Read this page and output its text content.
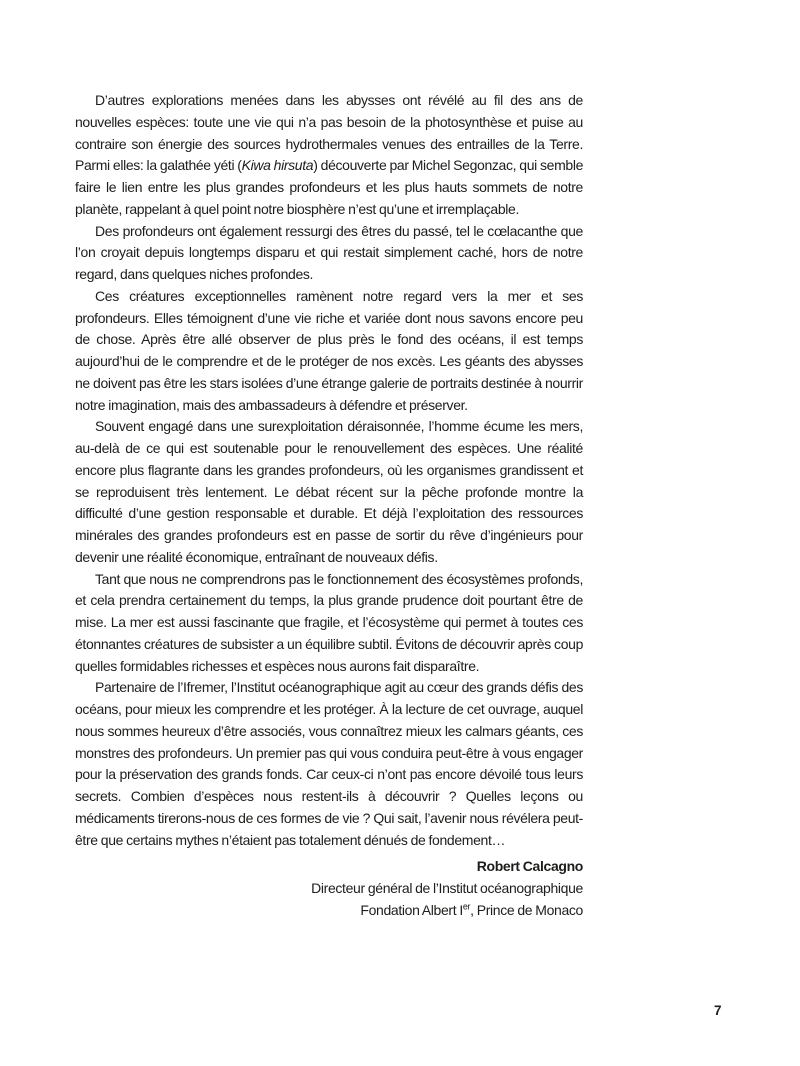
D’autres explorations menées dans les abysses ont révélé au fil des ans de nouvelles espèces: toute une vie qui n’a pas besoin de la photosynthèse et puise au contraire son énergie des sources hydrothermales venues des entrailles de la Terre. Parmi elles: la galathée yéti (Kiwa hirsuta) découverte par Michel Segonzac, qui semble faire le lien entre les plus grandes profondeurs et les plus hauts sommets de notre planète, rappelant à quel point notre biosphère n’est qu’une et irremplaçable.

Des profondeurs ont également ressurgi des êtres du passé, tel le cœlacanthe que l’on croyait depuis longtemps disparu et qui restait simplement caché, hors de notre regard, dans quelques niches profondes.

Ces créatures exceptionnelles ramènent notre regard vers la mer et ses profondeurs. Elles témoignent d’une vie riche et variée dont nous savons encore peu de chose. Après être allé observer de plus près le fond des océans, il est temps aujourd’hui de le comprendre et de le protéger de nos excès. Les géants des abysses ne doivent pas être les stars isolées d’une étrange galerie de portraits destinée à nourrir notre imagination, mais des ambassadeurs à défendre et préserver.

Souvent engagé dans une surexploitation déraisonnée, l’homme écume les mers, au-delà de ce qui est soutenable pour le renouvellement des espèces. Une réalité encore plus flagrante dans les grandes profondeurs, où les organismes grandissent et se reproduisent très lentement. Le débat récent sur la pêche profonde montre la difficulté d’une gestion responsable et durable. Et déjà l’exploitation des ressources minérales des grandes profondeurs est en passe de sortir du rêve d’ingénieurs pour devenir une réalité économique, entraînant de nouveaux défis.

Tant que nous ne comprendrons pas le fonctionnement des écosystèmes profonds, et cela prendra certainement du temps, la plus grande prudence doit pourtant être de mise. La mer est aussi fascinante que fragile, et l’écosystème qui permet à toutes ces étonnantes créatures de subsister a un équilibre subtil. Évitons de découvrir après coup quelles formidables richesses et espèces nous aurons fait disparaître.

Partenaire de l’Ifremer, l’Institut océanographique agit au cœur des grands défis des océans, pour mieux les comprendre et les protéger. À la lecture de cet ouvrage, auquel nous sommes heureux d’être associés, vous connaîtrez mieux les calmars géants, ces monstres des profondeurs. Un premier pas qui vous conduira peut-être à vous engager pour la préservation des grands fonds. Car ceux-ci n’ont pas encore dévoilé tous leurs secrets. Combien d’espèces nous restent-ils à découvrir ? Quelles leçons ou médicaments tirerons-nous de ces formes de vie ? Qui sait, l’avenir nous révélera peut-être que certains mythes n’étaient pas totalement dénués de fondement…

Robert Calcagno
Directeur général de l’Institut océanographique
Fondation Albert Ier, Prince de Monaco
7
